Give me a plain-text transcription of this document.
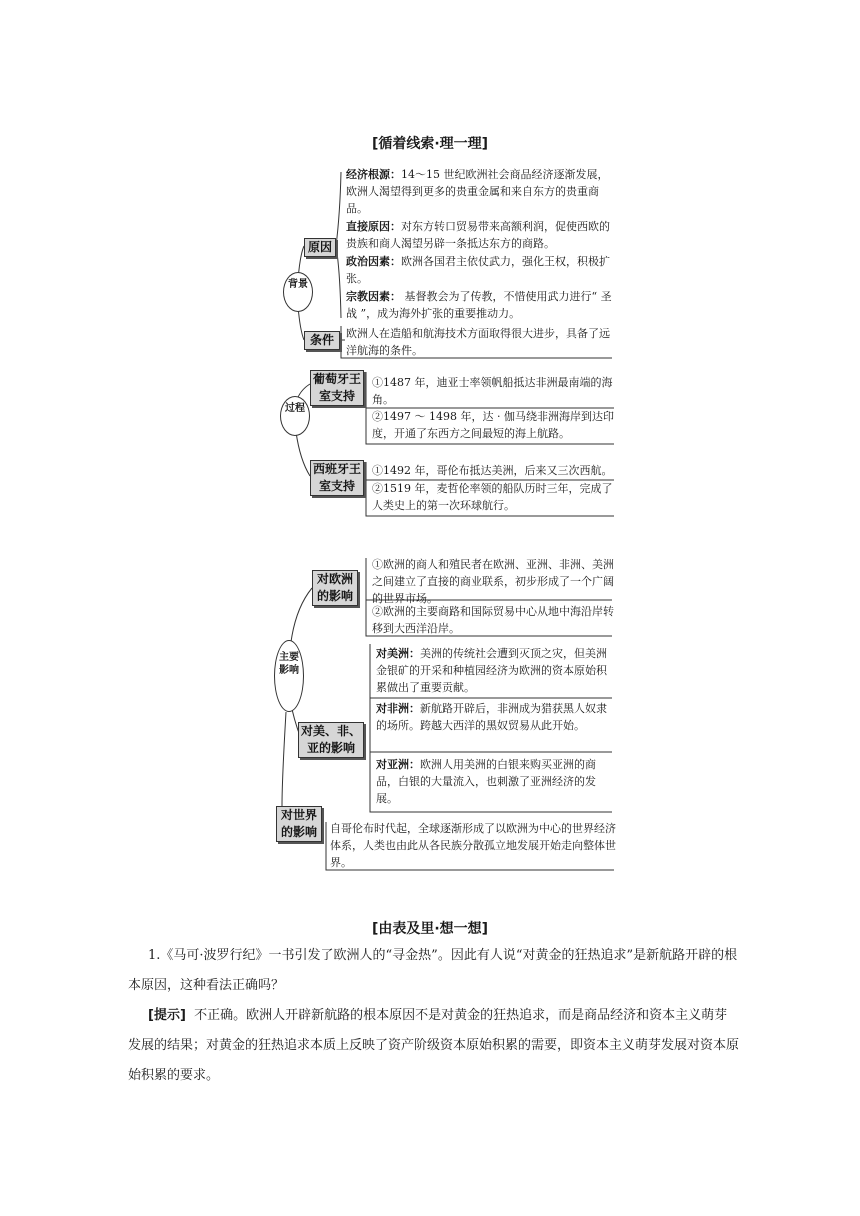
[循着线索·理一理]
背景
原因
条件
经济根源：14～15 世纪欧洲社会商品经济逐渐发展，欧洲人渴望得到更多的贵重金属和来自东方的贵重商品。
直接原因：对东方转口贸易带来高额利润，促使西欧的贵族和商人渴望另辟一条抵达东方的商路。
政治因素：欧洲各国君主依仗武力，强化王权，积极扩张。
宗教因素： 基督教会为了传教，不惜使用武力进行“ 圣战 ”，成为海外扩张的重要推动力。
欧洲人在造船和航海技术方面取得很大进步，具备了远洋航海的条件。
过程
葡萄牙王室支持
西班牙王室支持
①1487 年，迪亚士率领帆船抵达非洲最南端的海角。
②1497 ～ 1498 年，达 · 伽马绕非洲海岸到达印度，开通了东西方之间最短的海上航路。
①1492 年，哥伦布抵达美洲，后来又三次西航。
②1519 年，麦哲伦率领的船队历时三年，完成了人类史上的第一次环球航行。
主要影响
对欧洲的影响
对美、非、亚的影响
对世界的影响
①欧洲的商人和殖民者在欧洲、亚洲、非洲、美洲之间建立了直接的商业联系，初步形成了一个广阔的世界市场。
②欧洲的主要商路和国际贸易中心从地中海沿岸转移到大西洋沿岸。
对美洲：美洲的传统社会遭到灭顶之灾，但美洲金银矿的开采和种植园经济为欧洲的资本原始积累做出了重要贡献。
对非洲：新航路开辟后，非洲成为猎获黑人奴隶的场所。跨越大西洋的黑奴贸易从此开始。
对亚洲：欧洲人用美洲的白银来购买亚洲的商品，白银的大量流入，也刺激了亚洲经济的发展。
自哥伦布时代起，全球逐渐形成了以欧洲为中心的世界经济体系，人类也由此从各民族分散孤立地发展开始走向整体世界。
[由表及里·想一想]
1.《马可·波罗行纪》一书引发了欧洲人的“寻金热”。因此有人说“对黄金的狂热追求”是新航路开辟的根本原因，这种看法正确吗？
[提示] 不正确。欧洲人开辟新航路的根本原因不是对黄金的狂热追求，而是商品经济和资本主义萌芽发展的结果；对黄金的狂热追求本质上反映了资产阶级资本原始积累的需要，即资本主义萌芽发展对资本原始积累的要求。
